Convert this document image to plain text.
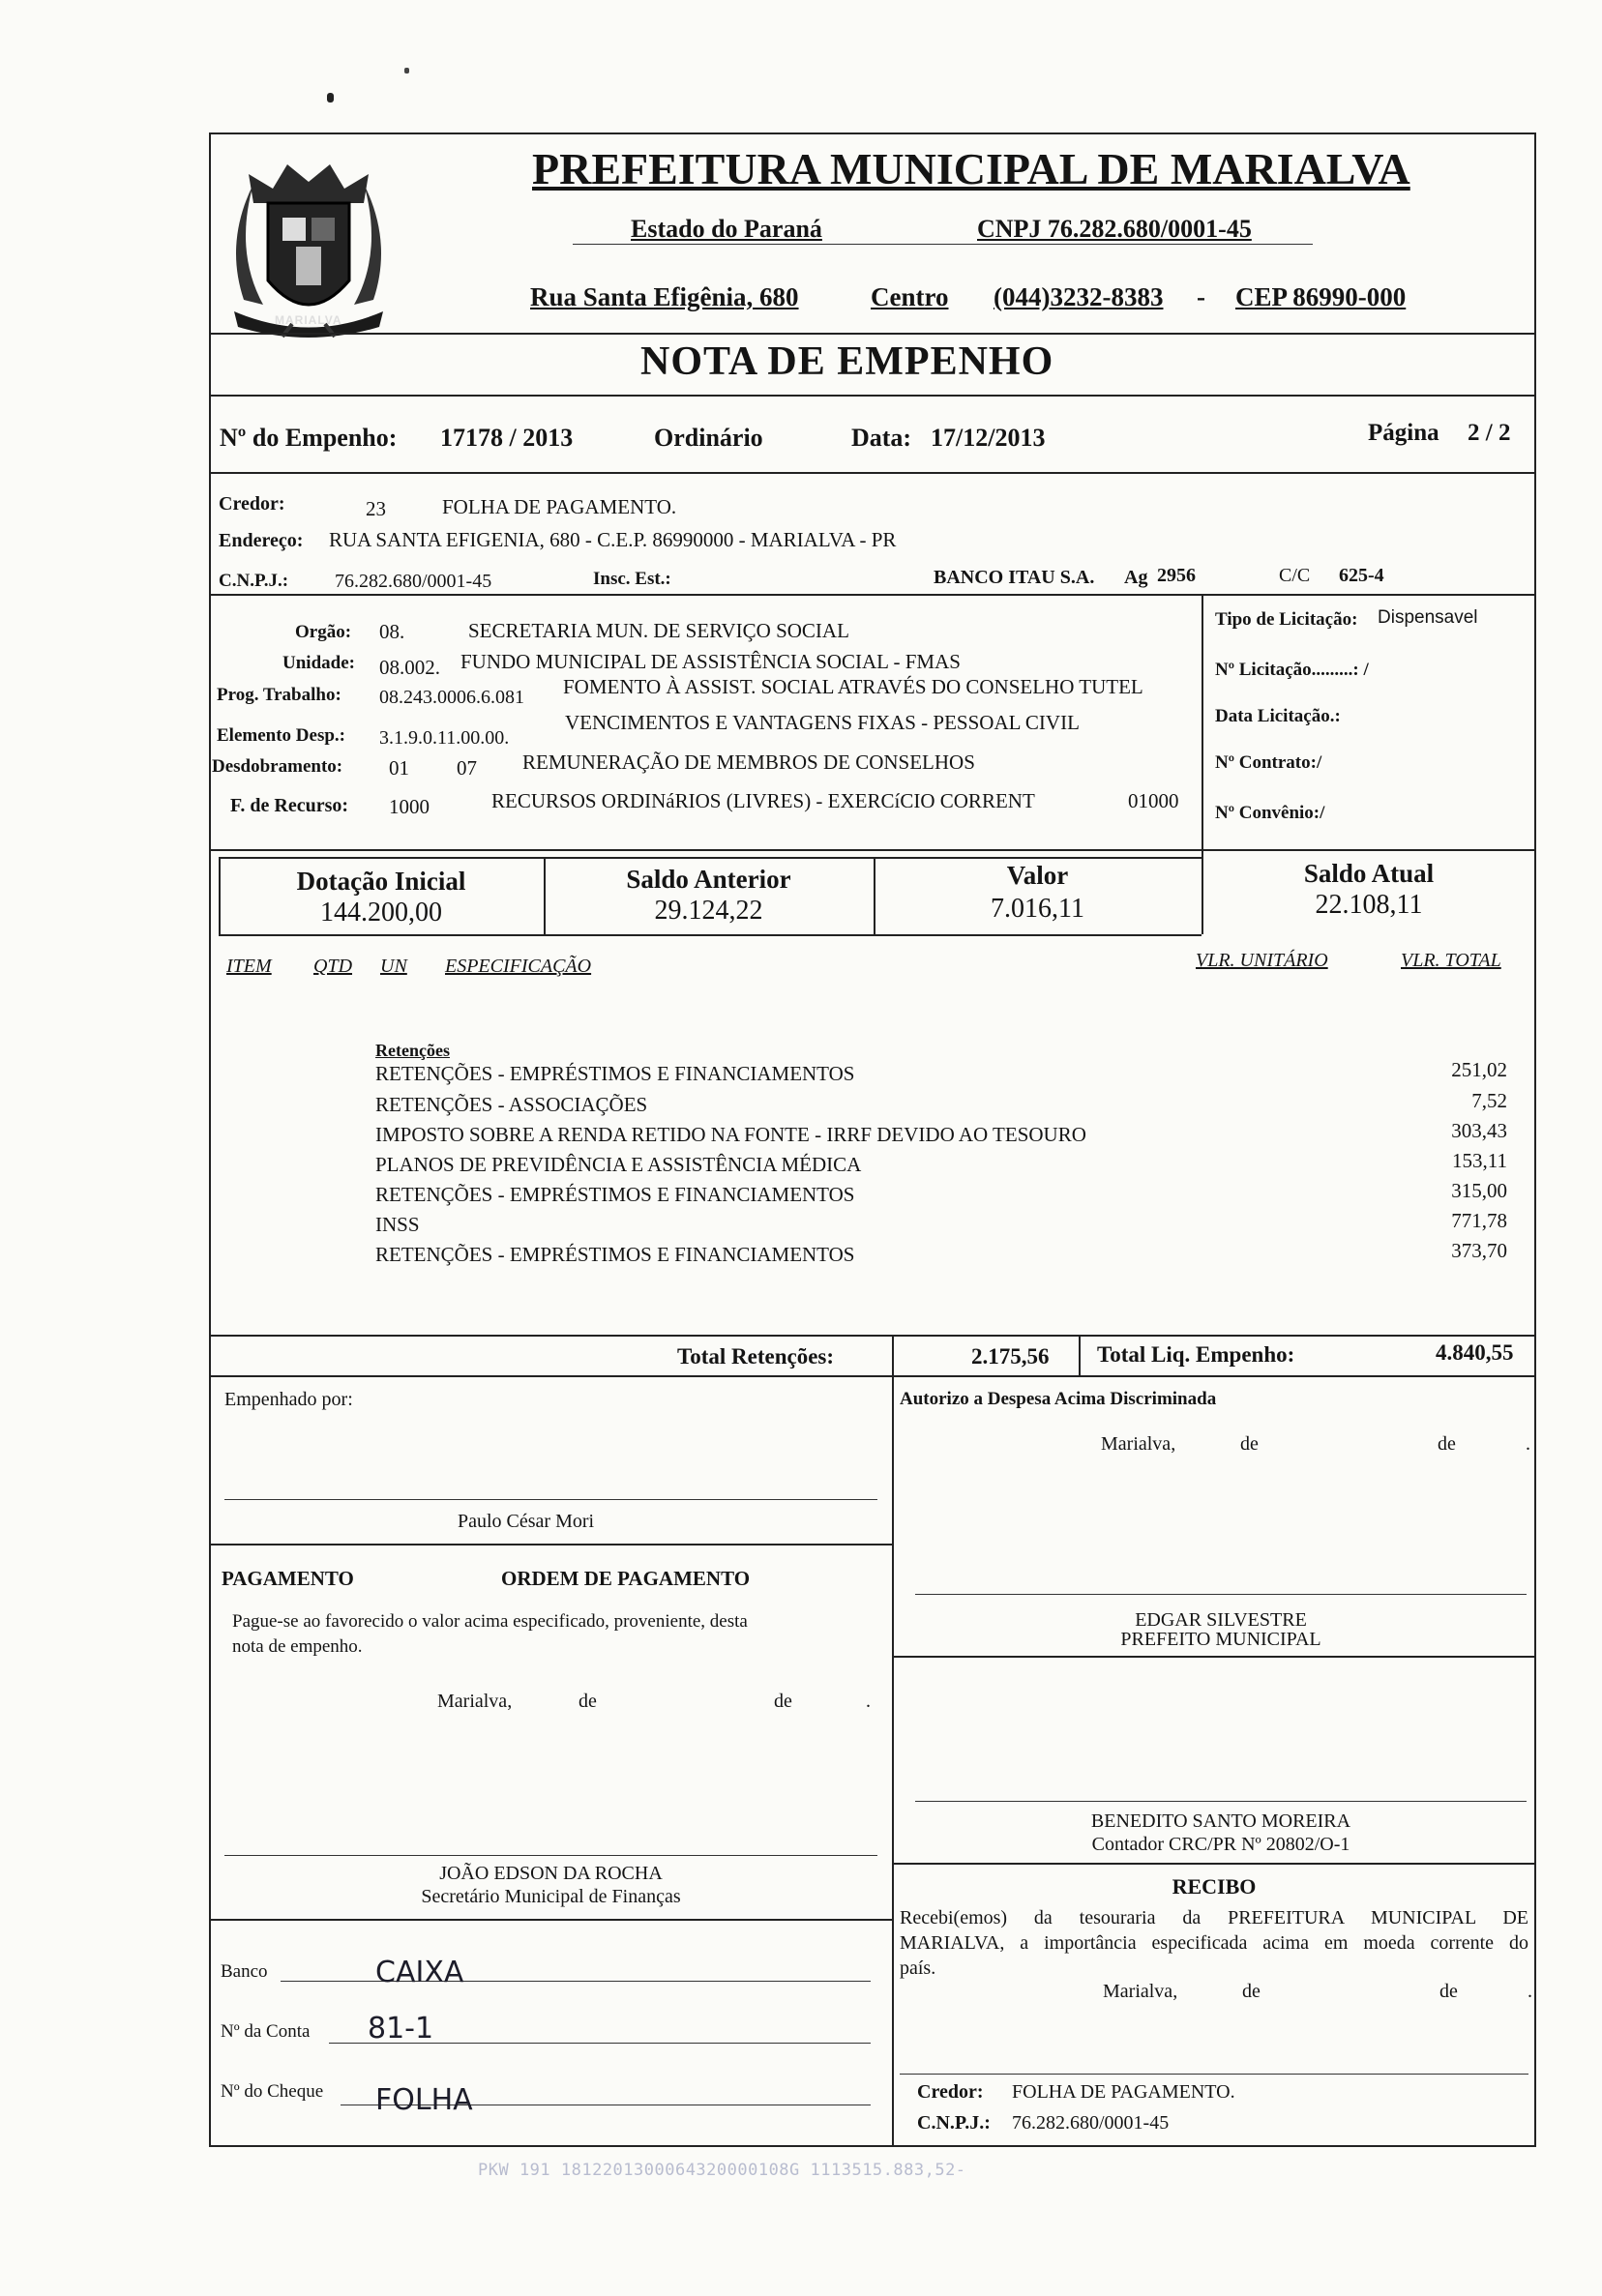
MARIALVA
PREFEITURA MUNICIPAL DE MARIALVA
Estado do Paraná	CNPJ 76.282.680/0001-45
Rua Santa Efigênia, 680	Centro (044)3232-8383 - CEP 86990-000
NOTA DE EMPENHO
Nº do Empenho: 17178 / 2013	Ordinário	Data: 17/12/2013	Página 2 / 2
Credor:	23	FOLHA DE PAGAMENTO.
Endereço: RUA SANTA EFIGENIA, 680 - C.E.P. 86990000 - MARIALVA - PR
C.N.P.J.: 76.282.680/0001-45	Insc. Est.:	BANCO ITAU S.A. Ag 2956	C/C 625-4
Orgão: 08.	SECRETARIA MUN. DE SERVIÇO SOCIAL
Unidade: 08.002. FUNDO MUNICIPAL DE ASSISTÊNCIA SOCIAL - FMAS
Prog. Trabalho: 08.243.0006.6.081 FOMENTO À ASSIST. SOCIAL ATRAVÉS DO CONSELHO TUTEL
Elemento Desp.: 3.1.9.0.11.00.00.
VENCIMENTOS E VANTAGENS FIXAS - PESSOAL CIVIL
Desdobramento: 01 07 REMUNERAÇÃO DE MEMBROS DE CONSELHOS
F. de Recurso: 1000	RECURSOS ORDINáRIOS (LIVRES) - EXERCíCIO CORRENT	01000
Tipo de Licitação: Dispensavel
Nº Licitação.........: /
Data Licitação.:
Nº Contrato:/
Nº Convênio:/
Dotação Inicial
144.200,00
Saldo Anterior
29.124,22
Valor
7.016,11
Saldo Atual
22.108,11
ITEM QTD UN ESPECIFICAÇÃO	VLR. UNITÁRIO	VLR. TOTAL
Retenções
RETENÇÕES - EMPRÉSTIMOS E FINANCIAMENTOS	251,02
RETENÇÕES - ASSOCIAÇÕES	7,52
IMPOSTO SOBRE A RENDA RETIDO NA FONTE - IRRF DEVIDO AO TESOURO	303,43
PLANOS DE PREVIDÊNCIA E ASSISTÊNCIA MÉDICA	153,11
RETENÇÕES - EMPRÉSTIMOS E FINANCIAMENTOS	315,00
INSS	771,78
RETENÇÕES - EMPRÉSTIMOS E FINANCIAMENTOS	373,70
Total Retenções:	2.175,56 Total Liq. Empenho:	4.840,55
Empenhado por:
Paulo César Mori
Autorizo a Despesa Acima Discriminada
Marialva,	de	de	.
PAGAMENTO	ORDEM DE PAGAMENTO
Pague-se ao favorecido o valor acima especificado, proveniente, desta
nota de empenho.
Marialva,	de	de	.
EDGAR SILVESTRE
PREFEITO MUNICIPAL
BENEDITO SANTO MOREIRA
Contador CRC/PR Nº 20802/O-1
JOÃO EDSON DA ROCHA
Secretário Municipal de Finanças	RECIBO
Recebi(emos) da tesouraria da PREFEITURA MUNICIPAL DE
MARIALVA, a importância especificada acima em moeda corrente do
país.
Marialva,	de	de	.
Banco	CAIXA
Nº da Conta 81-1
Nº do Cheque FOLHA	Credor: FOLHA DE PAGAMENTO.
C.N.P.J.: 76.282.680/0001-45
PKW 191 1812201300064320000108G 1113515.883,52-
